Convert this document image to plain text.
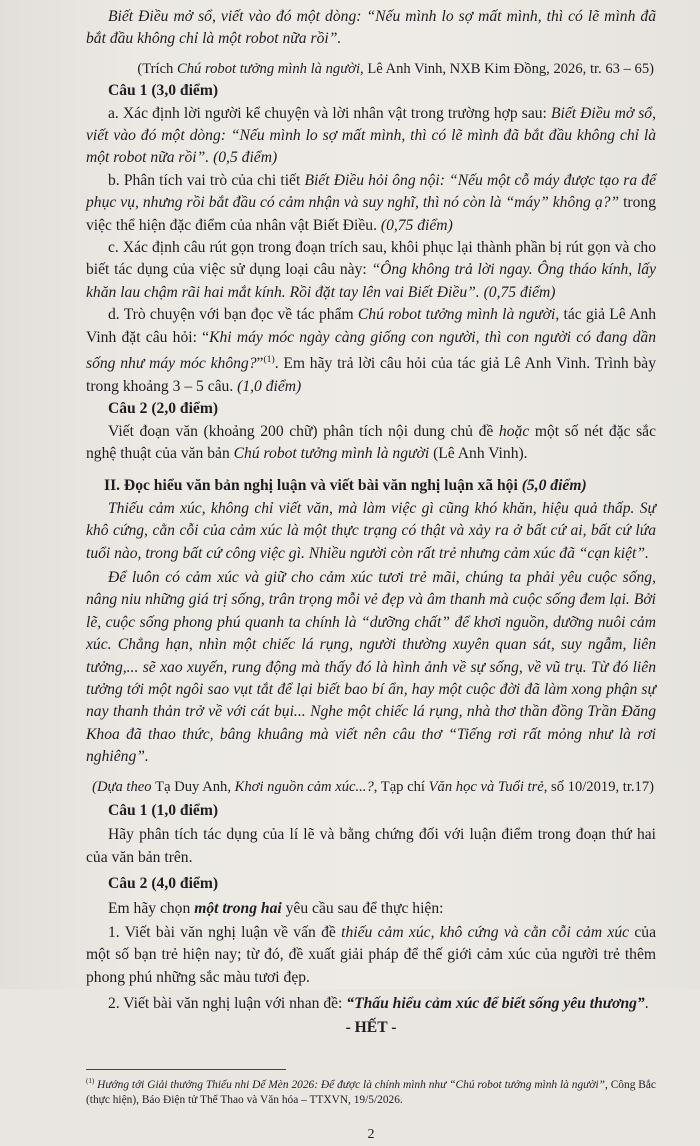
Biết Điều mở sổ, viết vào đó một dòng: “Nếu mình lo sợ mất mình, thì có lẽ mình đã bắt đầu không chỉ là một robot nữa rồi”.

(Trích Chú robot tưởng mình là người, Lê Anh Vinh, NXB Kim Đồng, 2026, tr. 63 – 65)

Câu 1 (3,0 điểm)

a. Xác định lời người kể chuyện và lời nhân vật trong trường hợp sau: Biết Điều mở sổ, viết vào đó một dòng: “Nếu mình lo sợ mất mình, thì có lẽ mình đã bắt đầu không chỉ là một robot nữa rồi”. (0,5 điểm)

b. Phân tích vai trò của chi tiết Biết Điều hỏi ông nội: “Nếu một cỗ máy được tạo ra để phục vụ, nhưng rồi bắt đầu có cảm nhận và suy nghĩ, thì nó còn là “máy” không ạ?” trong việc thể hiện đặc điểm của nhân vật Biết Điều. (0,75 điểm)

c. Xác định câu rút gọn trong đoạn trích sau, khôi phục lại thành phần bị rút gọn và cho biết tác dụng của việc sử dụng loại câu này: “Ông không trả lời ngay. Ông tháo kính, lấy khăn lau chậm rãi hai mắt kính. Rồi đặt tay lên vai Biết Điều”. (0,75 điểm)

d. Trò chuyện với bạn đọc về tác phẩm Chú robot tưởng mình là người, tác giả Lê Anh Vinh đặt câu hỏi: “Khi máy móc ngày càng giống con người, thì con người có đang dần sống như máy móc không?”$^{(1)}$. Em hãy trả lời câu hỏi của tác giả Lê Anh Vinh. Trình bày trong khoảng 3 – 5 câu. (1,0 điểm)

Câu 2 (2,0 điểm)

Viết đoạn văn (khoảng 200 chữ) phân tích nội dung chủ đề hoặc một số nét đặc sắc nghệ thuật của văn bản Chú robot tưởng mình là người (Lê Anh Vinh).

II. Đọc hiểu văn bản nghị luận và viết bài văn nghị luận xã hội (5,0 điểm)

Thiếu cảm xúc, không chỉ viết văn, mà làm việc gì cũng khó khăn, hiệu quả thấp. Sự khô cứng, cằn cỗi của cảm xúc là một thực trạng có thật và xảy ra ở bất cứ ai, bất cứ lứa tuổi nào, trong bất cứ công việc gì. Nhiều người còn rất trẻ nhưng cảm xúc đã “cạn kiệt”.

Để luôn có cảm xúc và giữ cho cảm xúc tươi trẻ mãi, chúng ta phải yêu cuộc sống, nâng niu những giá trị sống, trân trọng mỗi vẻ đẹp và âm thanh mà cuộc sống đem lại. Bởi lẽ, cuộc sống phong phú quanh ta chính là “dưỡng chất” để khơi nguồn, dưỡng nuôi cảm xúc. Chẳng hạn, nhìn một chiếc lá rụng, người thường xuyên quan sát, suy ngẫm, liên tưởng,... sẽ xao xuyến, rung động mà thấy đó là hình ảnh về sự sống, về vũ trụ. Từ đó liên tưởng tới một ngôi sao vụt tắt để lại biết bao bí ẩn, hay một cuộc đời đã làm xong phận sự nay thanh thản trở về với cát bụi... Nghe một chiếc lá rụng, nhà thơ thần đồng Trần Đăng Khoa đã thao thức, bâng khuâng mà viết nên câu thơ “Tiếng rơi rất mỏng như là rơi nghiêng”.

(Dựa theo Tạ Duy Anh, Khơi nguồn cảm xúc...?, Tạp chí Văn học và Tuổi trẻ, số 10/2019, tr.17)

Câu 1 (1,0 điểm)

Hãy phân tích tác dụng của lí lẽ và bằng chứng đối với luận điểm trong đoạn thứ hai của văn bản trên.

Câu 2 (4,0 điểm)

Em hãy chọn một trong hai yêu cầu sau để thực hiện:

1. Viết bài văn nghị luận về vấn đề thiếu cảm xúc, khô cứng và cằn cỗi cảm xúc của một số bạn trẻ hiện nay; từ đó, đề xuất giải pháp để thế giới cảm xúc của người trẻ thêm phong phú những sắc màu tươi đẹp.

2. Viết bài văn nghị luận với nhan đề: “Thấu hiểu cảm xúc để biết sống yêu thương”.

- HẾT -

$^{(1)}$ Hướng tới Giải thưởng Thiếu nhi Dế Mèn 2026: Để được là chính mình như “Chú robot tưởng mình là người”, Công Bắc (thực hiện), Báo Điện tử Thể Thao và Văn hóa – TTXVN, 19/5/2026.

2
